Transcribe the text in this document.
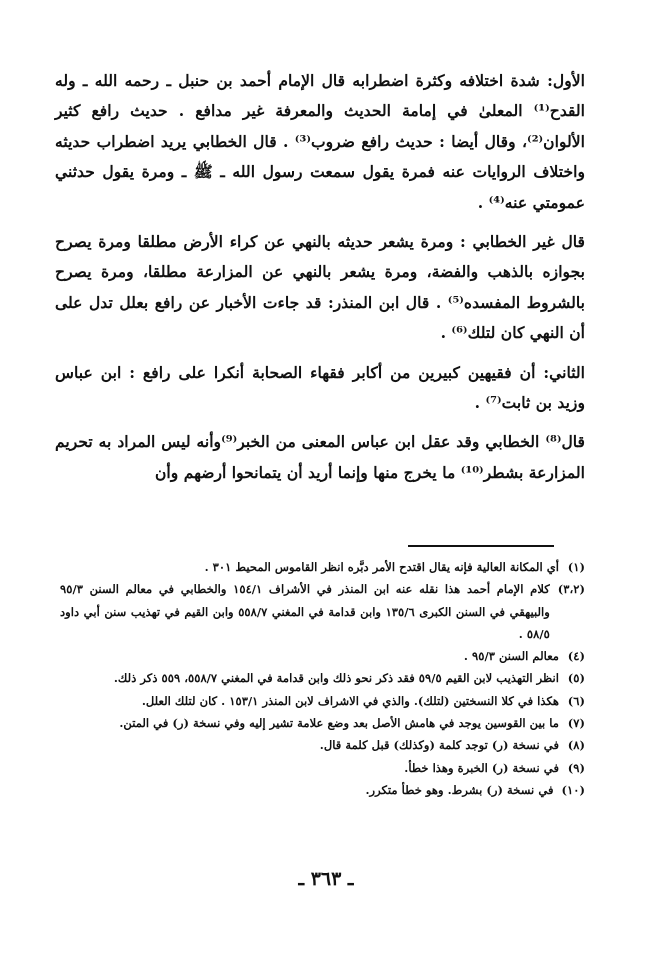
الأول: شدة اختلافه وكثرة اضطرابه قال الإمام أحمد بن حنبل ـ رحمه الله ـ وله القدح⁽¹⁾ المعلىٰ في إمامة الحديث والمعرفة غير مدافع . حديث رافع كثير الألوان⁽²⁾، وقال أيضا : حديث رافع ضروب⁽³⁾ . قال الخطابي يريد اضطراب حديثه واختلاف الروايات عنه فمرة يقول سمعت رسول الله ـ ﷺ ـ ومرة يقول حدثني عمومتي عنه⁽⁴⁾ .

قال غير الخطابي : ومرة يشعر حديثه بالنهي عن كراء الأرض مطلقا ومرة يصرح بجوازه بالذهب والفضة، ومرة يشعر بالنهي عن المزارعة مطلقا، ومرة يصرح بالشروط المفسده⁽⁵⁾ . قال ابن المنذر: قد جاءت الأخبار عن رافع بعلل تدل على أن النهي كان لتلك⁽⁶⁾ .

الثاني: أن فقيهين كبيرين من أكابر فقهاء الصحابة أنكرا على رافع : ابن عباس وزيد بن ثابت⁽⁷⁾ .

قال⁽⁸⁾ الخطابي وقد عقل ابن عباس المعنى من الخبر⁽⁹⁾وأنه ليس المراد به تحريم المزارعة بشطر⁽¹⁰⁾ ما يخرج منها وإنما أريد أن يتمانحوا أرضهم وأن

(١)
أي المكانة العالية فإنه يقال اقتدح الأمر دبَّره انظر القاموس المحيط ٣٠١ .
(٣،٢)
كلام الإمام أحمد هذا نقله عنه ابن المنذر في الأشراف ١٥٤/١ والخطابي في معالم السنن ٩٥/٣ والبيهقي في السنن الكبرى ١٣٥/٦ وابن قدامة في المغني ٥٥٨/٧ وابن القيم في تهذيب سنن أبي داود ٥٨/٥ .
(٤)
معالم السنن ٩٥/٣ .
(٥)
انظر التهذيب لابن القيم ٥٩/٥ فقد ذكر نحو ذلك وابن قدامة في المغني ٥٥٨/٧، ٥٥٩ ذكر ذلك.
(٦)
هكذا في كلا النسختين (لتلك). والذي في الاشراف لابن المنذر ١٥٣/١ . كان لتلك العلل.
(٧)
ما بين القوسين يوجد في هامش الأصل بعد وضع علامة تشير إليه وفي نسخة (ر) في المتن.
(٨)
في نسخة (ر) توجد كلمة (وكذلك) قبل كلمة قال.
(٩)
في نسخة (ر) الخبرة وهذا خطأ.
(١٠)
في نسخة (ر) بشرط. وهو خطأ متكرر.
ـ ٣٦٣ ـ
